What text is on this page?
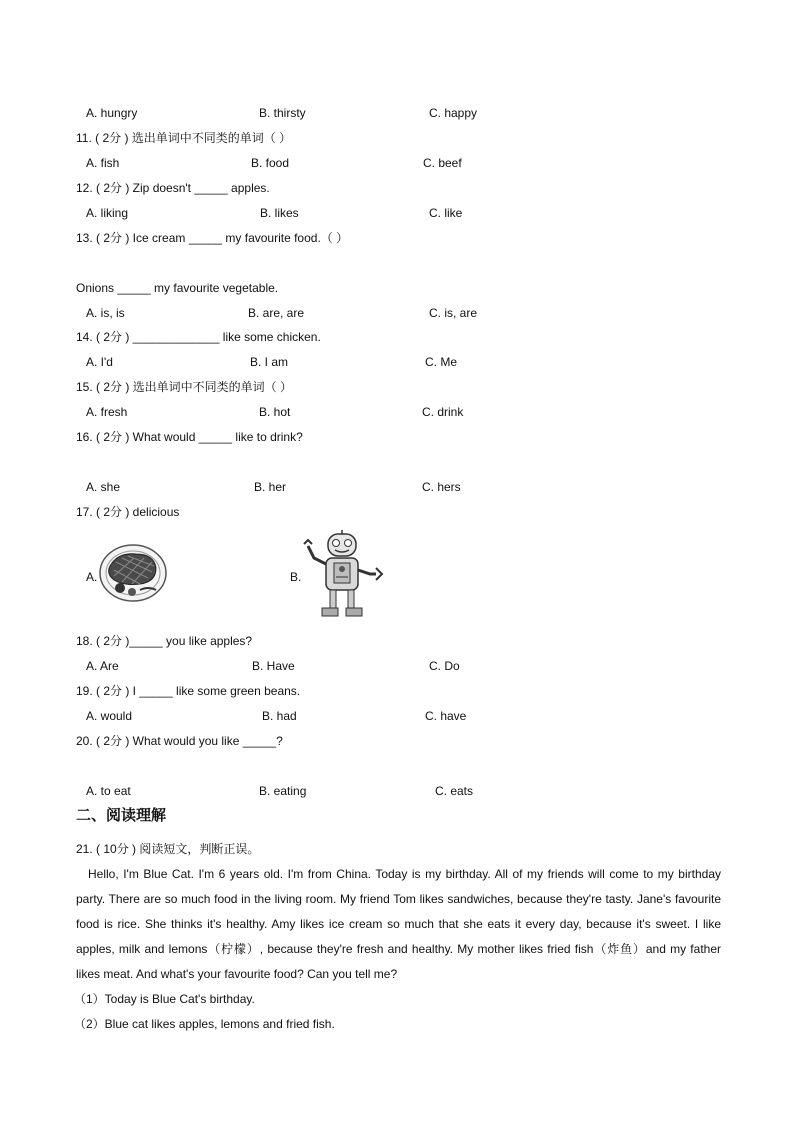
A. hungry	B. thirsty	C. happy
11. ( 2分 ) 选出单词中不同类的单词（ ）
A. fish	B. food	C. beef
12. ( 2分 ) Zip doesn't _____ apples.
A. liking	B. likes	C. like
13. ( 2分 ) Ice cream _____ my favourite food.（ ）
Onions _____ my favourite vegetable.
A. is, is	B. are, are	C. is, are
14. ( 2分 ) _____________ like some chicken.
A. I'd	B. I am	C. Me
15. ( 2分 ) 选出单词中不同类的单词（ ）
A. fresh	B. hot	C. drink
16. ( 2分 ) What would _____ like to drink?
A. she	B. her	C. hers
17. ( 2分 ) delicious
A.	B.
18. ( 2分 )_____ you like apples?
A. Are	B. Have	C. Do
19. ( 2分 ) I _____ like some green beans.
A. would	B. had	C. have
20. ( 2分 ) What would you like _____?
A. to eat	B. eating	C. eats
二、阅读理解
21. ( 10分 ) 阅读短文，判断正误。
Hello, I'm Blue Cat. I'm 6 years old. I'm from China. Today is my birthday. All of my friends will come to my birthday party. There are so much food in the living room. My friend Tom likes sandwiches, because they're tasty. Jane's favourite food is rice. She thinks it's healthy. Amy likes ice cream so much that she eats it every day, because it's sweet. I like apples, milk and lemons（柠檬）, because they're fresh and healthy. My mother likes fried fish（炸鱼）and my father likes meat. And what's your favourite food? Can you tell me?
（1）Today is Blue Cat's birthday.
（2）Blue cat likes apples, lemons and fried fish.
